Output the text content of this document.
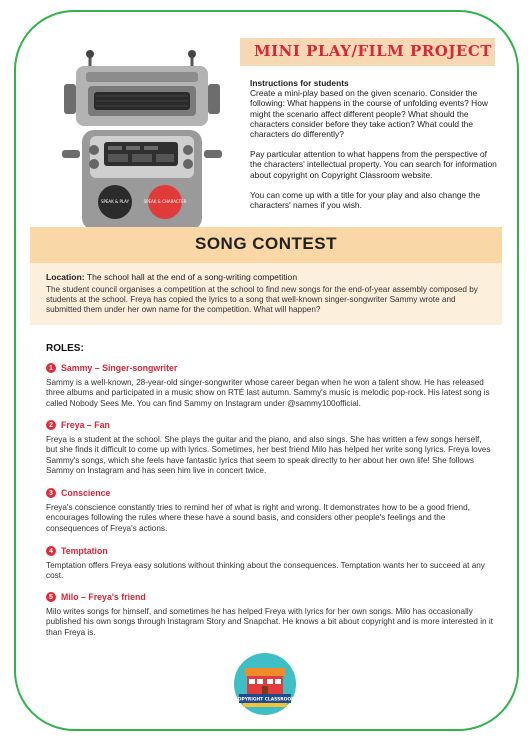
SPEAK & PLAY	SPEAK & CHARACTER
MINI PLAY/FILM PROJECT
Instructions for students

Create a mini-play based on the given scenario. Consider the following: What happens in the course of unfolding events? How might the scenario affect different people? What should the characters consider before they take action? What could the characters do differently?

Pay particular attention to what happens from the perspective of the characters' intellectual property. You can search for information about copyright on Copyright Classroom website.

You can come up with a title for your play and also change the characters' names if you wish.

SONG CONTEST
Location: The school hall at the end of a song-writing competition
The student council organises a competition at the school to find new songs for the end-of-year assembly composed by students at the school. Freya has copied the lyrics to a song that well-known singer-songwriter Sammy wrote and submitted them under her own name for the competition. What will happen?
ROLES:
1 Sammy – Singer-songwriter
Sammy is a well-known, 28-year-old singer-songwriter whose career began when he won a talent show. He has released three albums and participated in a music show on RTÉ last autumn. Sammy's music is melodic pop-rock. His latest song is called Nobody Sees Me. You can find Sammy on Instagram under @sammy100official.
2 Freya – Fan
Freya is a student at the school. She plays the guitar and the piano, and also sings. She has written a few songs herself, but she finds it difficult to come up with lyrics. Sometimes, her best friend Milo has helped her write song lyrics. Freya loves Sammy's songs, which she feels have fantastic lyrics that seem to speak directly to her about her own life! She follows Sammy on Instagram and has seen him live in concert twice.
3 Conscience
Freya's conscience constantly tries to remind her of what is right and wrong. It demonstrates how to be a good friend, encourages following the rules where these have a sound basis, and considers other people's feelings and the consequences of Freya's actions.
4 Temptation
Temptation offers Freya easy solutions without thinking about the consequences. Temptation wants her to succeed at any cost.
5 Milo – Freya's friend
Milo writes songs for himself, and sometimes he has helped Freya with lyrics for her own songs. Milo has occasionally published his own songs through Instagram Story and Snapchat. He knows a bit about copyright and is more interested in it than Freya is.
COPYRIGHT CLASSROOM
